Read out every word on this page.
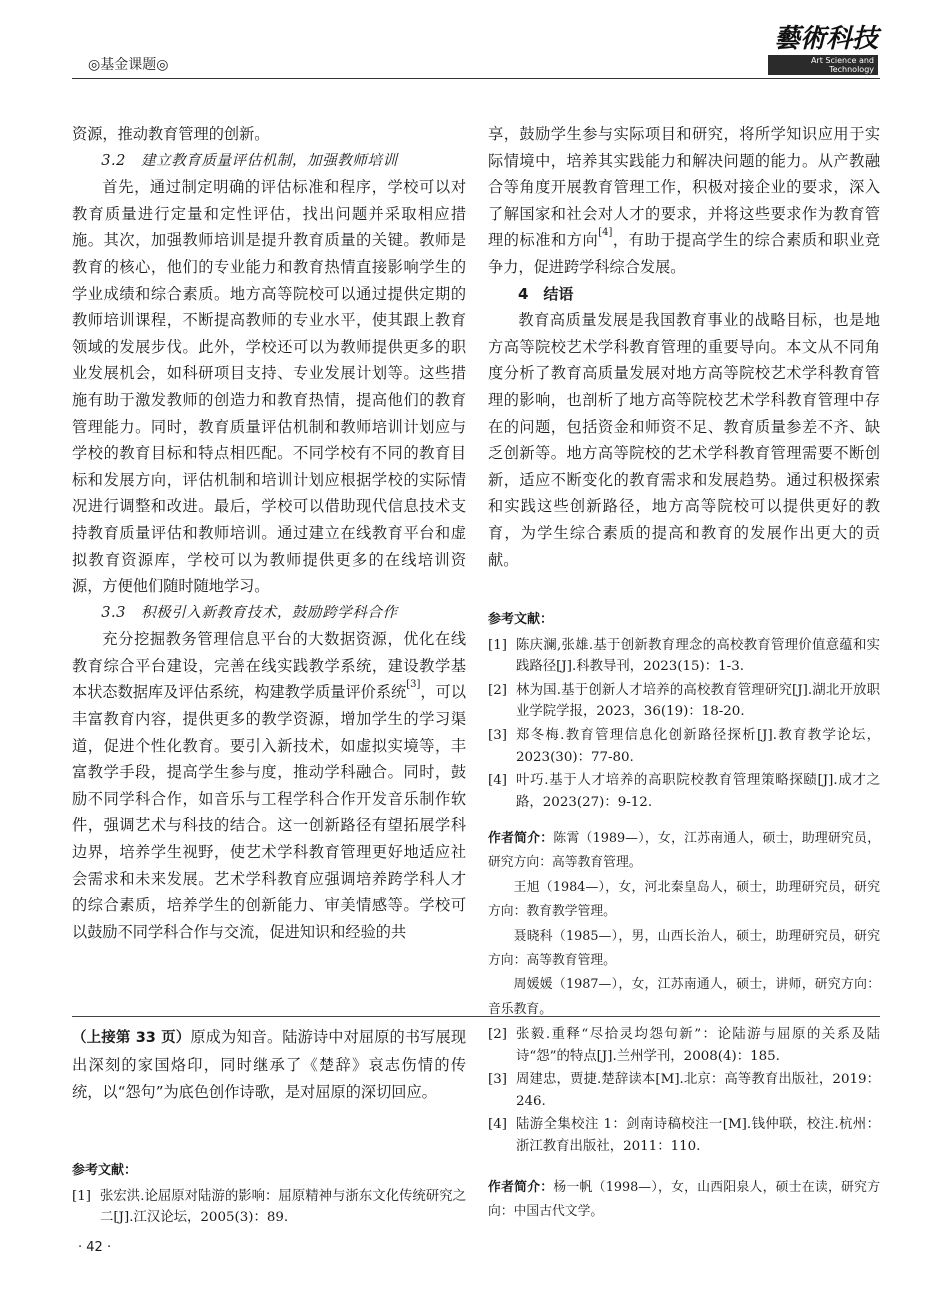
◎基金课题◎
藝術科技
Art Science and Technology

资源，推动教育管理的创新。

3.2　建立教育质量评估机制，加强教师培训

首先，通过制定明确的评估标准和程序，学校可以对教育质量进行定量和定性评估，找出问题并采取相应措施。其次，加强教师培训是提升教育质量的关键。教师是教育的核心，他们的专业能力和教育热情直接影响学生的学业成绩和综合素质。地方高等院校可以通过提供定期的教师培训课程，不断提高教师的专业水平，使其跟上教育领域的发展步伐。此外，学校还可以为教师提供更多的职业发展机会，如科研项目支持、专业发展计划等。这些措施有助于激发教师的创造力和教育热情，提高他们的教育管理能力。同时，教育质量评估机制和教师培训计划应与学校的教育目标和特点相匹配。不同学校有不同的教育目标和发展方向，评估机制和培训计划应根据学校的实际情况进行调整和改进。最后，学校可以借助现代信息技术支持教育质量评估和教师培训。通过建立在线教育平台和虚拟教育资源库，学校可以为教师提供更多的在线培训资源，方便他们随时随地学习。

3.3　积极引入新教育技术，鼓励跨学科合作

充分挖掘教务管理信息平台的大数据资源，优化在线教育综合平台建设，完善在线实践教学系统，建设教学基本状态数据库及评估系统，构建教学质量评价系统[3]，可以丰富教育内容，提供更多的教学资源，增加学生的学习渠道，促进个性化教育。要引入新技术，如虚拟实境等，丰富教学手段，提高学生参与度，推动学科融合。同时，鼓励不同学科合作，如音乐与工程学科合作开发音乐制作软件，强调艺术与科技的结合。这一创新路径有望拓展学科边界，培养学生视野，使艺术学科教育管理更好地适应社会需求和未来发展。艺术学科教育应强调培养跨学科人才的综合素质，培养学生的创新能力、审美情感等。学校可以鼓励不同学科合作与交流，促进知识和经验的共

享，鼓励学生参与实际项目和研究，将所学知识应用于实际情境中，培养其实践能力和解决问题的能力。从产教融合等角度开展教育管理工作，积极对接企业的要求，深入了解国家和社会对人才的要求，并将这些要求作为教育管理的标准和方向[4]，有助于提高学生的综合素质和职业竞争力，促进跨学科综合发展。

4　结语

教育高质量发展是我国教育事业的战略目标，也是地方高等院校艺术学科教育管理的重要导向。本文从不同角度分析了教育高质量发展对地方高等院校艺术学科教育管理的影响，也剖析了地方高等院校艺术学科教育管理中存在的问题，包括资金和师资不足、教育质量参差不齐、缺乏创新等。地方高等院校的艺术学科教育管理需要不断创新，适应不断变化的教育需求和发展趋势。通过积极探索和实践这些创新路径，地方高等院校可以提供更好的教育，为学生综合素质的提高和教育的发展作出更大的贡献。

参考文献：
[1] 陈庆澜,张雄.基于创新教育理念的高校教育管理价值意蕴和实践路径[J].科教导刊，2023(15)：1-3.
[2] 林为国.基于创新人才培养的高校教育管理研究[J].湖北开放职业学院学报，2023，36(19)：18-20.
[3] 郑冬梅.教育管理信息化创新路径探析[J].教育教学论坛，2023(30)：77-80.
[4] 叶巧.基于人才培养的高职院校教育管理策略探赜[J].成才之路，2023(27)：9-12.

作者简介：陈霄（1989—），女，江苏南通人，硕士，助理研究员，研究方向：高等教育管理。

王旭（1984—），女，河北秦皇岛人，硕士，助理研究员，研究方向：教育教学管理。

聂晓科（1985—），男，山西长治人，硕士，助理研究员，研究方向：高等教育管理。

周媛媛（1987—），女，江苏南通人，硕士，讲师，研究方向：音乐教育。

（上接第 33 页）原成为知音。陆游诗中对屈原的书写展现出深刻的家国烙印，同时继承了《楚辞》哀志伤情的传统，以“怨句”为底色创作诗歌，是对屈原的深切回应。

参考文献：
[1] 张宏洪.论屈原对陆游的影响：屈原精神与浙东文化传统研究之二[J].江汉论坛，2005(3)：89.
[2] 张毅.重释“尽拾灵均怨句新”：论陆游与屈原的关系及陆诗“怨”的特点[J].兰州学刊，2008(4)：185.
[3] 周建忠，贾捷.楚辞读本[M].北京：高等教育出版社，2019：246.
[4] 陆游全集校注 1：剑南诗稿校注一[M].钱仲联，校注.杭州：浙江教育出版社，2011：110.

作者简介：杨一帆（1998—），女，山西阳泉人，硕士在读，研究方向：中国古代文学。

· 42 ·
